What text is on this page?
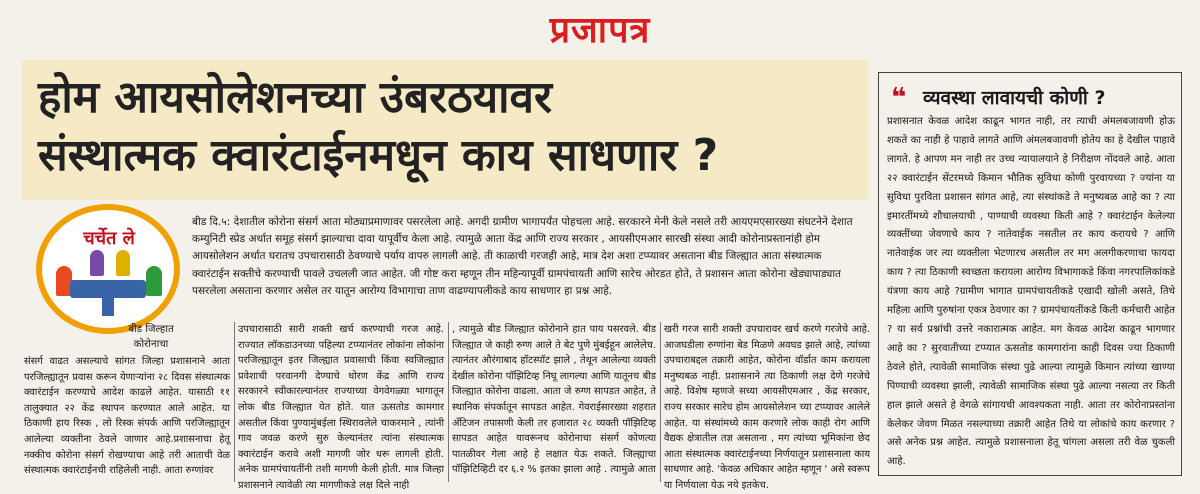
प्रजापत्र
होम आयसोलेशनच्या उंबरठयावर
संस्थात्मक क्वारंटाईनमधून काय साधणार ?
चर्चेत ले
बीड दि.५: देशातील कोरोना संसर्ग आता मोठ्याप्रमाणावर पसरलेला आहे. अगदी ग्रामीण भागापर्यंत पोहचला आहे. सरकारने मेनी केले नसले तरी आयएमएसारख्या संघटनेने देशात कम्युनिटी स्प्रेड अर्थात समूह संसर्ग झाल्याचा दावा यापूर्वीच केला आहे. त्यामुळे आता केंद्र आणि राज्य सरकार , आयसीएमआर सारखी संस्था आदी कोरोनाप्रस्तानांही होम आयसोलेशन अर्थात घरातच उपचारासाठी ठेवण्याचे पर्याय वापरु लागली आहे. ती काळाची गरजही आहे, मात्र देश अशा टप्प्यावर असताना बीड जिल्ह्यात आता संस्थात्मक क्वारंटाईन सक्तीचे करण्याची पावले उचलली जात आहेत. जी गोष्ट करा म्हणून तीन महिन्यापूर्वी ग्रामपंचायती आणि सारेच ओरडत होते, ते प्रशासन आता कोरोना खेड्यापाड्यात पसरलेला असताना करणार असेल तर यातून आरोग्य विभागाचा ताण वाढण्यापलीकडे काय साधणार हा प्रश्न आहे.
बीड जिल्हात कोरोनाचा
संसर्ग वाढत असल्याचे सांगत जिल्हा प्रशासनाने आता परजिल्ह्यातून प्रवास करून येणाऱ्यांना २८ दिवस संस्थात्मक क्वारंटाईन करण्याचे आदेश काढले आहेत. यासाठी ११ तालुक्यात २२ केंद्र स्थापन करण्यात आले आहेत. या ठिकाणी हाय रिस्क , लो रिस्क संपर्क आणि परजिल्ह्यातून आलेल्या व्यक्तीना ठेवले जाणार आहे.प्रशासनाचा हेतू नक्कीच कोरोना संसर्ग रोखण्याचा आहे तरी आताची वेळ संस्थात्मक क्वारंटाईनची राहिलेली नाही. आता रुग्णांवर
उपचारासाठी सारी शक्ती खर्च करण्याची गरज आहे. राज्यात लॉकडाउनच्या पहिल्या टप्प्यानंतर लोकांना लोकांना परजिल्ह्यातून इतर जिल्ह्यात प्रवासाची किंवा स्वजिल्ह्यात प्रवेशाची परवानगी देण्याचे धोरण केंद्र आणि राज्य सरकारने स्वीकारल्यानंतर राज्याच्या वेगवेगळ्या भागातून लोक बीड जिल्ह्यात येत होते. यात ऊसतोड कामगार असतील किंवा पुण्यामुंबईला स्थिरावलेले चाकरमाने , त्यांनी गाव जवळ करणे सुरु केल्यानंतर त्यांना संस्थात्मक क्वारंटाईन करावे अशी मागणी जोर धरू लागली होती. अनेक ग्रामपंचायतींनी तशी मागणी केली होती. मात्र जिल्हा प्रशासनाने त्यावेळी त्या मागणीकडे लक्ष दिले नाही
, त्यामुळे बीड जिल्ह्यात कोरोनाने हात पाय पसरवले. बीड जिल्ह्यात जे काही रुग्ण आले ते बेट पुणे मुंबईहून आलेलेच. त्यानंतर औरंगाबाद हॉटस्पॉट झाले , तेथून आलेल्या व्यक्ती देखील कोरोना पॉझिटिव्ह निघू लागल्या आणि यातूनच बीड जिल्ह्यात कोरोना वाढला. आता जे रुग्ण सापडत आहेत, ते स्थानिक संपर्कातून सापडत आहेत. गेवराईसारख्या शहरात अँटिजन तपासणी केली तर हजारात २८ व्यक्ती पॉझिटिव्ह सापडत आहेत यावरूनच कोरोनाचा संसर्ग कोणत्या पातळीवर गेला आहे हे लक्षात येऊ शकते. जिल्ह्याचा पॉझिटिव्हिटी दर ६.२ % इतका झाला आहे . त्यामुळे आता
खरी गरज सारी शक्ती उपचारावर खर्च करणे गरजेचे आहे. आजघडीला रुग्णांना बेड मिळणे अवघड झाले आहे, त्यांच्या उपचाराबद्दल तक्रारी आहेत, कोरोना वॉर्डात काम करायला मनुष्यबळ नाही. प्रशासनाने त्या ठिकाणी लक्ष देणे गरजेचे आहे. विशेष म्हणजे सध्या आयसीएमआर , केंद्र सरकार, राज्य सरकार सारेच होम आयसोलेशन च्या टप्प्यावर आलेले आहेत. या संस्थांमध्ये काम करणारे लोक काही रोग आणि वैद्यक क्षेत्रातील तज्ञ असताना , मग त्यांच्या भूमिकांना छेद आता संस्थात्मक क्वारंटाईनच्या निर्णयातून प्रशासनाला काय साधणार आहे. 'केवळ अधिकार आहेत म्हणून ' असे स्वरूप या निर्णयाला येऊ नये इतकेच.
❝ व्यवस्था लावायची कोणी ?
प्रशासनात केवळ आदेश काढून भागत नाही, तर त्याची अंमलबजावणी होऊ शकते का नाही हे पाहावे लागते आणि अंमलबजावणी होतेय का हे देखील पाहावे लागते. हे आपण मन नाही तर उच्च न्यायालयाने हे निरीक्षण नोंदवले आहे. आता २२ क्वारंटाईन सेंटरमध्ये किमान भौतिक सुविधा कोणी पुरवायच्या ? ज्यांना या सुविधा पुरविता प्रशासन सांगत आहे, त्या संस्थांकडे ते मनुष्यबळ आहे का ? त्या इमारतींमध्ये शौचालयाची , पाण्याची व्यवस्था किती आहे ? क्वारंटाईन केलेल्या व्यक्तींच्या जेवणाचे काय ? नातेवाईक नसतील तर काय करायचे ? आणि नातेवाईक जर त्या व्यक्तीला भेटणारच असतील तर मग अलगीकरणाचा फायदा काय ? त्या ठिकाणी स्वच्छता करायला आरोग्य विभागाकडे किंवा नगरपालिकांकडे यंत्रणा काय आहे ?ग्रामीण भागात ग्रामपंचायतीकडे एखादी खोली असते, तिथे महिला आणि पुरुषांना एकत्र ठेवणार का ? ग्रामपंचायतींकडे किती कर्मचारी आहेत ? या सर्व प्रश्नांची उत्तरे नकारात्मक आहेत. मग केवळ आदेश काढून भागणार आहे का ? सुरवातीच्या टप्प्यात ऊसतोड कामगारांना काही दिवस ज्या ठिकाणी ठेवले होते, त्यावेळी सामाजिक संस्था पुढे आल्या त्यामुळे किमान त्यांच्या खाण्या पिण्याची व्यवस्था झाली, त्यावेळी सामाजिक संस्था पुढे आल्या नसत्या तर किती हाल झाले असते हे वेगळे सांगायची आवश्यकता नाही. आता तर कोरोनाप्रस्तांना केलेकर जेवण मिळत नसल्याच्या तक्रारी आहेत तिथे या लोकांचे काय करणार ? असे अनेक प्रश्न आहेत. त्यामुळे प्रशासनाला हेतू चांगला असला तरी वेळ चुकली आहे.
